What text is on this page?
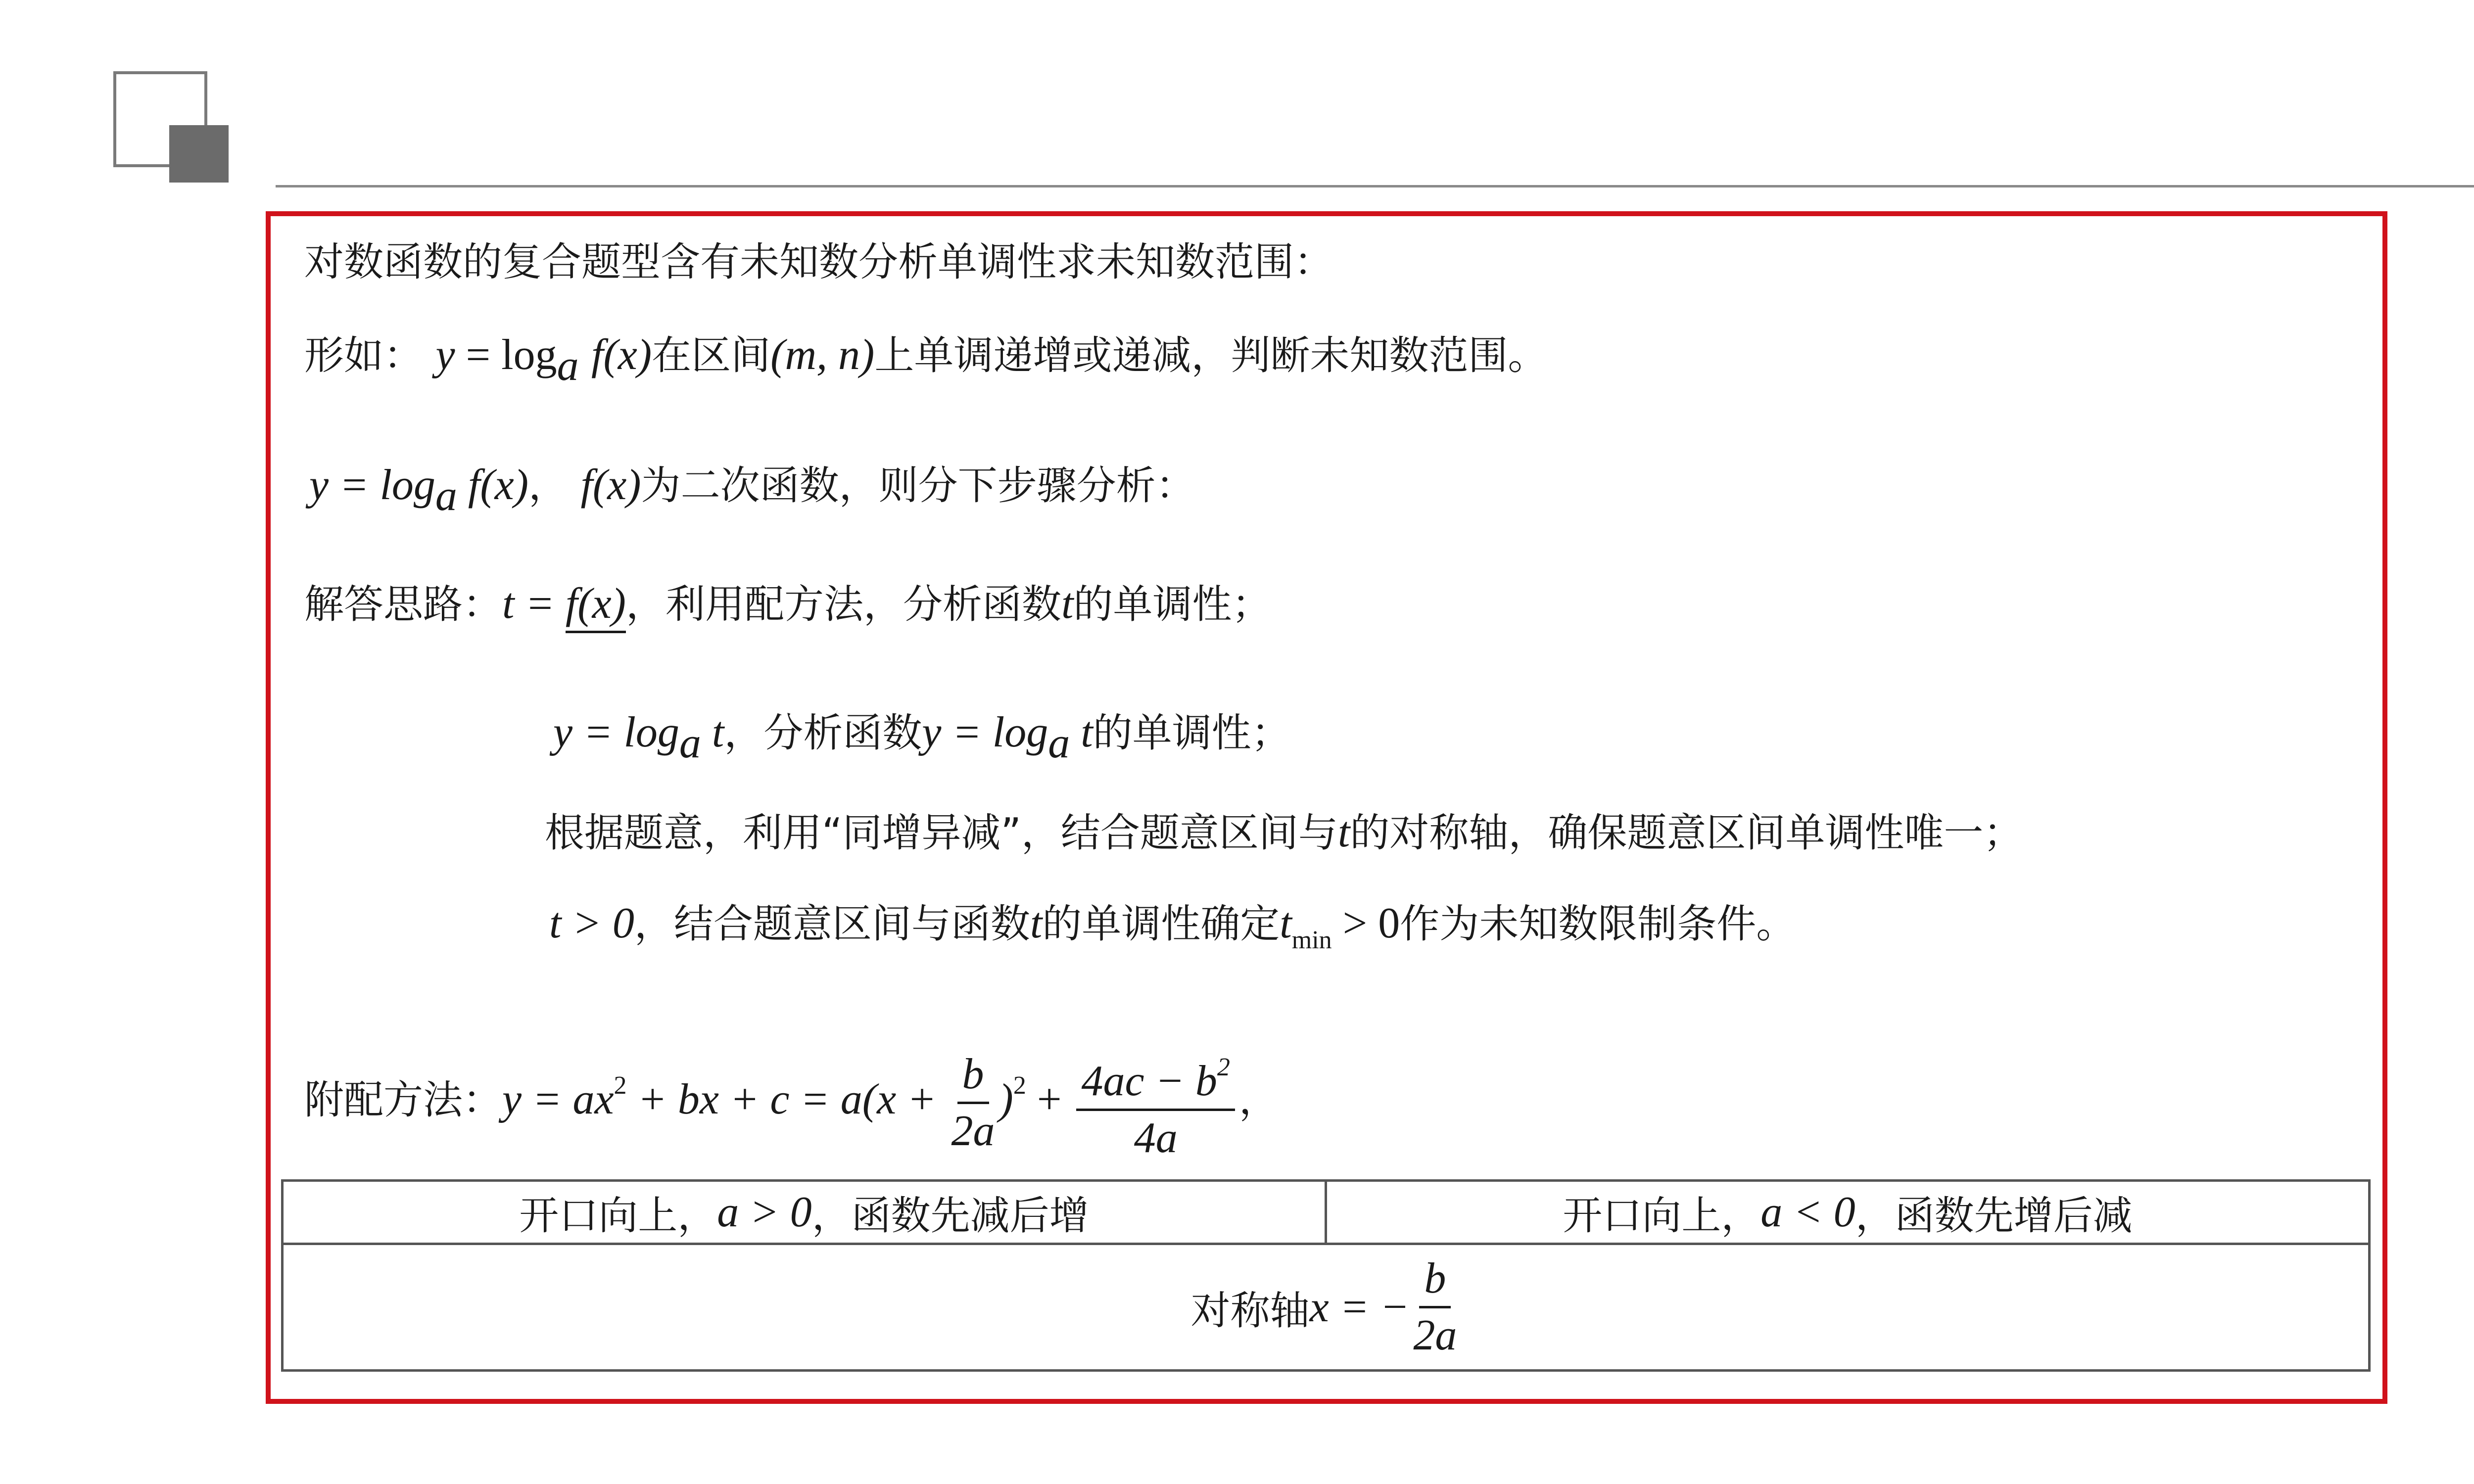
对数函数的复合题型含有未知数分析单调性求未知数范围：
形如： $y = \log_a f(x)$在区间(m, n)上单调递增或递减，判断未知数范围。
$y = \log_a f(x)$， f(x)为二次函数，则分下步骤分析：
解答思路：t = f(x)，利用配方法，分析函数t的单调性；
$y = \log_a t$，分析函数$y = \log_a t$的单调性；
根据题意，利用“同增异减”，结合题意区间与t的对称轴，确保题意区间单调性唯一；
t > 0，结合题意区间与函数t的单调性确定$t_{min} > 0$作为未知数限制条件。
附配方法：$y = ax^2$ + bx + $c = a(x + \frac{b}{2a} )^2 + \frac{4ac - b^2}{4a}$ ，
开口向上， a > 0 ，函数先减后增	开口向上， a < 0 ，函数先增后减
对称轴 x = − $\frac{b}{2a}$
